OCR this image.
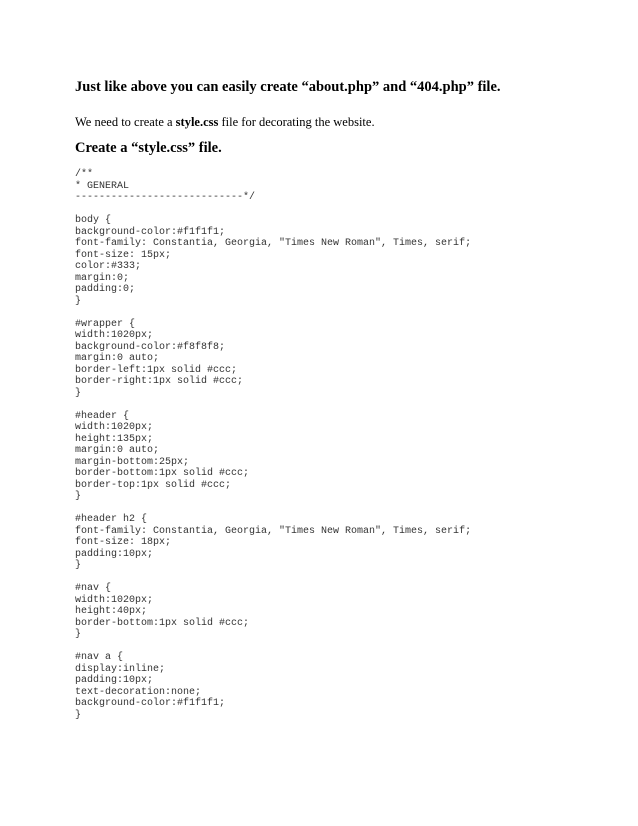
Just like above you can easily create “about.php” and “404.php” file.
We need to create a style.css file for decorating the website.
Create a “style.css” file.
/**
* GENERAL
----------------------------*/
body {
background-color:#f1f1f1;
font-family: Constantia, Georgia, "Times New Roman", Times, serif;
font-size: 15px;
color:#333;
margin:0;
padding:0;
}
#wrapper {
width:1020px;
background-color:#f8f8f8;
margin:0 auto;
border-left:1px solid #ccc;
border-right:1px solid #ccc;
}
#header {
width:1020px;
height:135px;
margin:0 auto;
margin-bottom:25px;
border-bottom:1px solid #ccc;
border-top:1px solid #ccc;
}
#header h2 {
font-family: Constantia, Georgia, "Times New Roman", Times, serif;
font-size: 18px;
padding:10px;
}
#nav {
width:1020px;
height:40px;
border-bottom:1px solid #ccc;
}
#nav a {
display:inline;
padding:10px;
text-decoration:none;
background-color:#f1f1f1;
}
